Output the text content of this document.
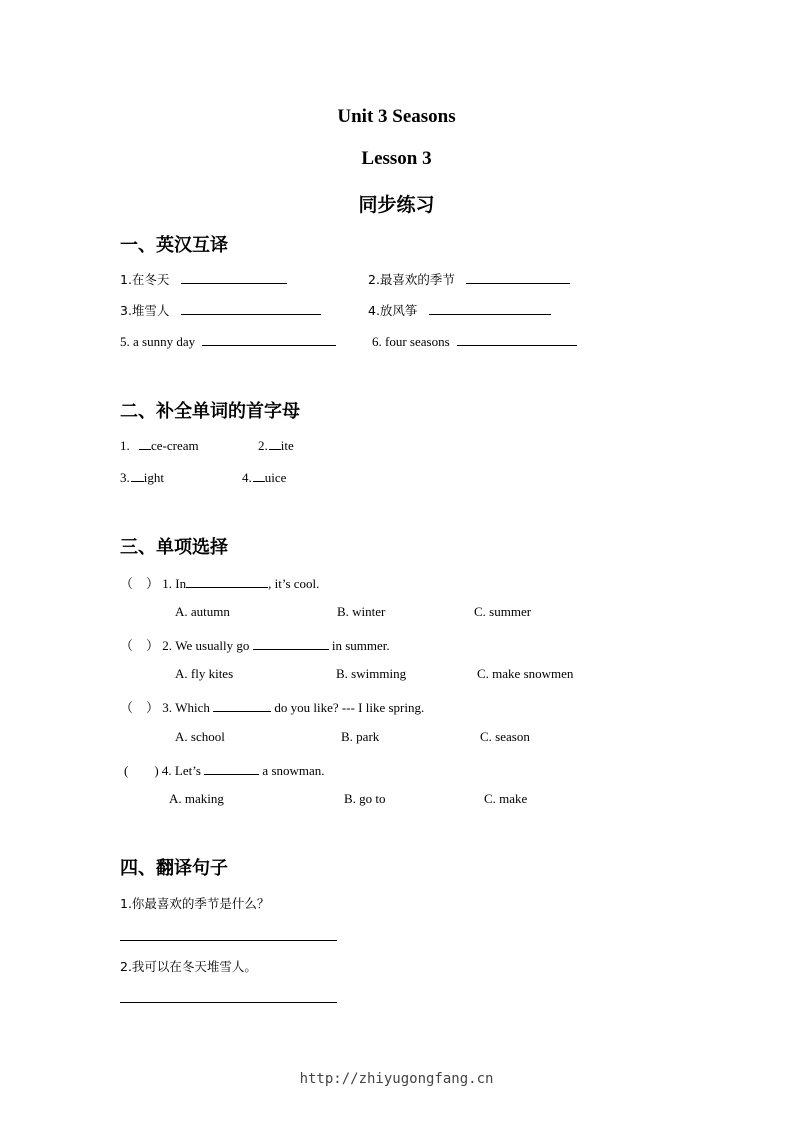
Unit 3 Seasons
Lesson 3
同步练习
一、英汉互译
1.在冬天	2.最喜欢的季节
3.堆雪人	4.放风筝
5. a sunny day	6. four seasons
二、补全单词的首字母
1. ce-cream	2. ite
3. ight	4. uice
三、单项选择
（　） 1. In	, it’s cool.
A. autumn	B. winter	C. summer
（　） 2. We usually go	in summer.
A. fly kites	B. swimming	C. make snowmen
（　） 3. Which	do you like? --- I like spring.
A. school	B. park	C. season
(　　) 4. Let’s	a snowman.
A. making	B. go to	C. make
四、翻译句子
1.你最喜欢的季节是什么？
2.我可以在冬天堆雪人。
http://zhiyugongfang.cn
